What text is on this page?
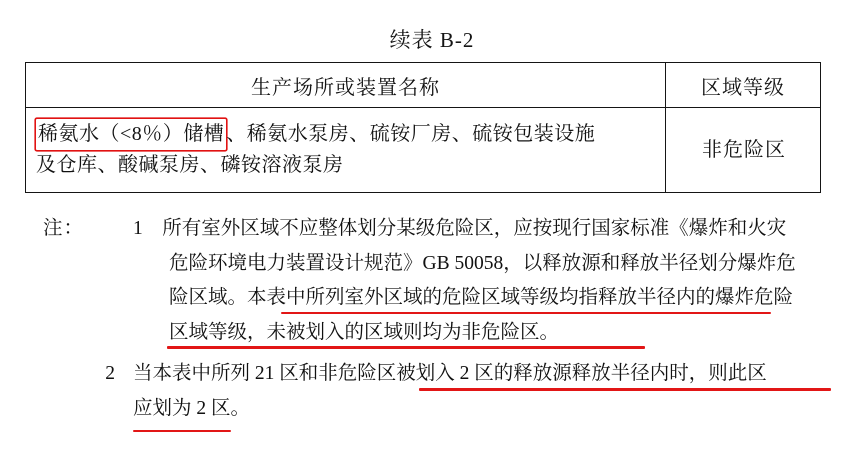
续表 B-2
生产场所或装置名称	区域等级

稀氨水（<8％）储槽 、稀氨水泵房、硫铵厂房、硫铵包装设施
及仓库、酸碱泵房、磷铵溶液泵房	非危险区
注：	1 所有室外区域不应整体划分某级危险区，应按现行国家标准《爆炸和火灾
危险环境电力装置设计规范》GB 50058，以释放源和释放半径划分爆炸危
险区域。本表中所列室外区域的危险区域等级均指释放半径内的爆炸危险
区域等级，未被划入的区域则均为非危险区。
2 当本表中所列 21 区和非危险区被划入 2 区的释放源释放半径内时，则此区
应划为 2 区。
